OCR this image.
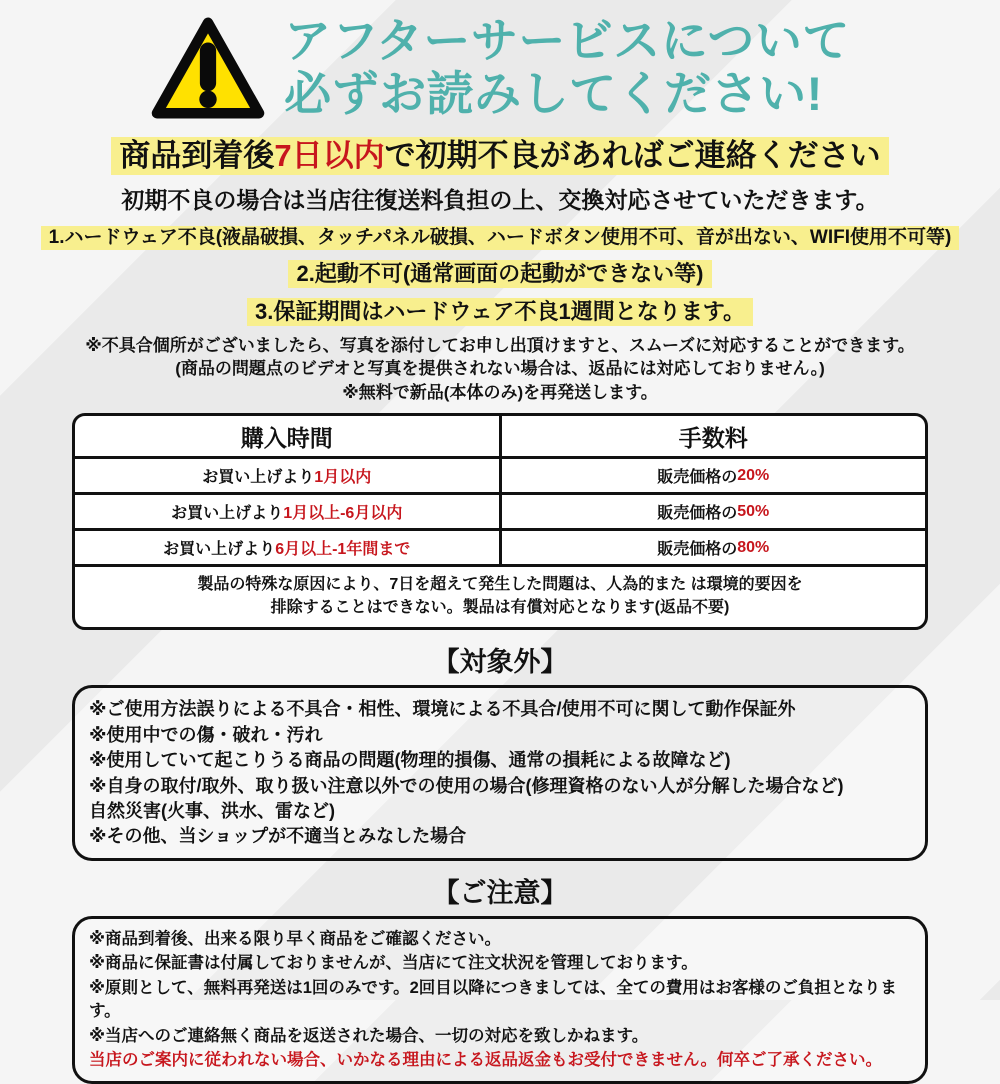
アフターサービスについて
必ずお読みしてください!
商品到着後7日以内で初期不良があればご連絡ください
初期不良の場合は当店往復送料負担の上、交換対応させていただきます。
1.ハードウェア不良(液晶破損、タッチパネル破損、ハードボタン使用不可、音が出ない、WIFI使用不可等)
2.起動不可(通常画面の起動ができない等)
3.保証期間はハードウェア不良1週間となります。
※不具合個所がございましたら、写真を添付してお申し出頂けますと、スムーズに対応することができます。
(商品の問題点のビデオと写真を提供されない場合は、返品には対応しておりません。)
※無料で新品(本体のみ)を再発送します。
購入時間	手数料
お買い上げより 1月以内	販売価格の 20%
お買い上げより 1月以上-6月以内	販売価格の 50%
お買い上げより 6月以上-1年間まで	販売価格の 80%
製品の特殊な原因により、7日を超えて発生した問題は、人為的また は環境的要因を
排除することはできない。製品は有償対応となります(返品不要)
【対象外】
※ご使用方法誤りによる不具合・相性、環境による不具合/使用不可に関して動作保証外
※使用中での傷・破れ・汚れ
※使用していて起こりうる商品の問題(物理的損傷、通常の損耗による故障など)
※自身の取付/取外、取り扱い注意以外での使用の場合(修理資格のない人が分解した場合など)
自然災害(火事、洪水、雷など)
※その他、当ショップが不適当とみなした場合
【ご注意】
※商品到着後、出来る限り早く商品をご確認ください。
※商品に保証書は付属しておりませんが、当店にて注文状況を管理しております。
※原則として、無料再発送は1回のみです。2回目以降につきましては、全ての費用はお客様のご負担となります。
※当店へのご連絡無く商品を返送された場合、一切の対応を致しかねます。
当店のご案内に従われない場合、いかなる理由による返品返金もお受付できません。何卒ご了承ください。
